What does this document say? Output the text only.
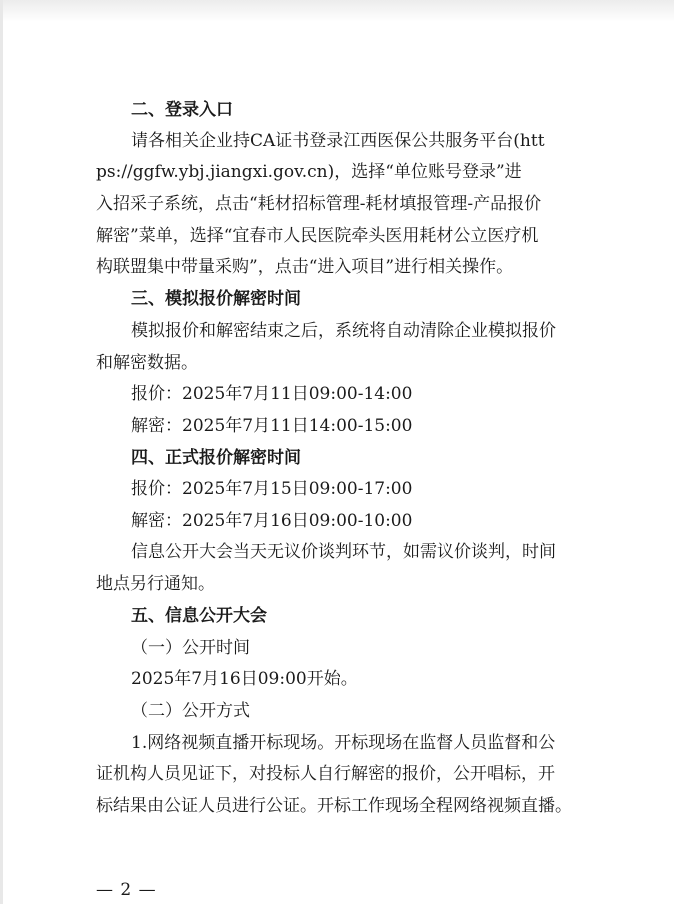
二、登录入口
请各相关企业持CA证书登录江西医保公共服务平台(htt
ps://ggfw.ybj.jiangxi.gov.cn)，选择“单位账号登录”进
入招采子系统，点击“耗材招标管理-耗材填报管理-产品报价
解密”菜单，选择“宜春市人民医院牵头医用耗材公立医疗机
构联盟集中带量采购”，点击“进入项目”进行相关操作。
三、模拟报价解密时间
模拟报价和解密结束之后，系统将自动清除企业模拟报价
和解密数据。
报价：2025年7月11日09:00-14:00
解密：2025年7月11日14:00-15:00
四、正式报价解密时间
报价：2025年7月15日09:00-17:00
解密：2025年7月16日09:00-10:00
信息公开大会当天无议价谈判环节，如需议价谈判，时间
地点另行通知。
五、信息公开大会
（一）公开时间
2025年7月16日09:00开始。
（二）公开方式
1.网络视频直播开标现场。开标现场在监督人员监督和公
证机构人员见证下，对投标人自行解密的报价，公开唱标，开
标结果由公证人员进行公证。开标工作现场全程网络视频直播。
— 2 —
